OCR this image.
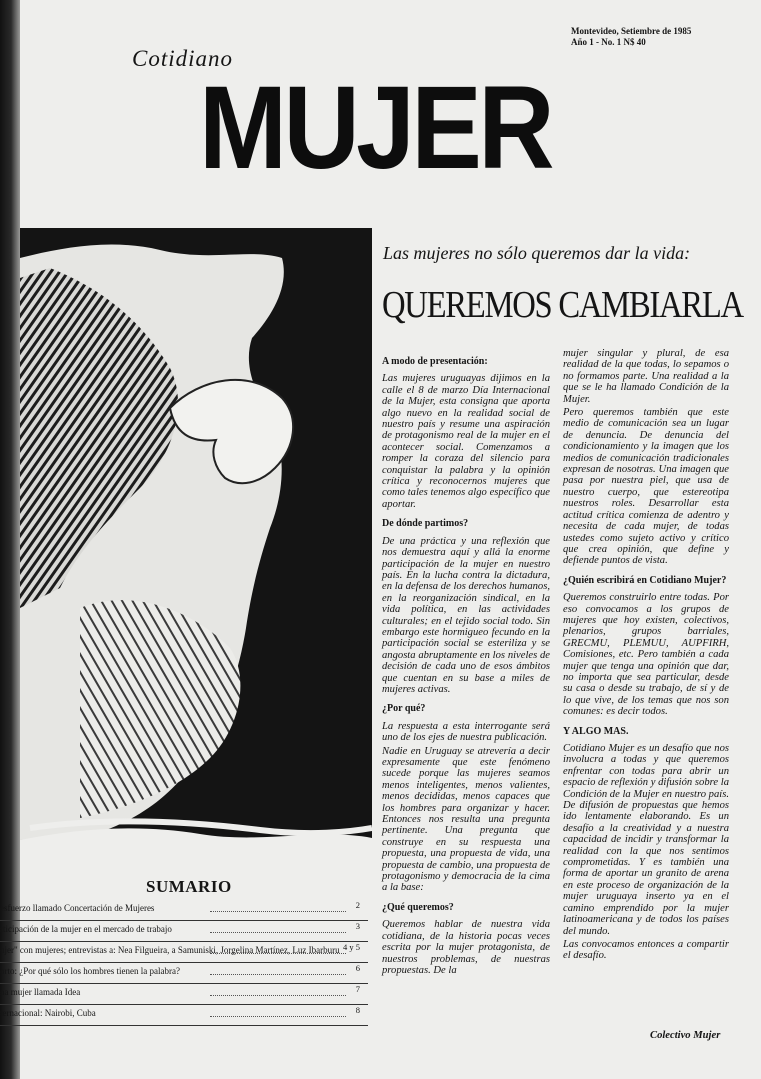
Montevideo, Setiembre de 1985
Año 1 - No. 1 N$ 40
Cotidiano
MUJER
Las mujeres no sólo queremos dar la vida:
QUEREMOS CAMBIARLA

A modo de presentación:

Las mujeres uruguayas dijimos en la calle el 8 de marzo Día Internacional de la Mujer, esta consigna que aporta algo nuevo en la realidad social de nuestro país y resume una aspiración de protagonismo real de la mujer en el acontecer social. Comenzamos a romper la coraza del silencio para conquistar la palabra y la opinión crítica y reconocernos mujeres que como tales tenemos algo específico que aportar.

De dónde partimos?

De una práctica y una reflexión que nos demuestra aquí y allá la enorme participación de la mujer en nuestro país. En la lucha contra la dictadura, en la defensa de los derechos humanos, en la reorganización sindical, en la vida política, en las actividades culturales; en el tejido social todo. Sin embargo este hormigueo fecundo en la participación social se esteriliza y se angosta abruptamente en los niveles de decisión de cada uno de esos ámbitos que cuentan en su base a miles de mujeres activas.

¿Por qué?

La respuesta a esta interrogante será uno de los ejes de nuestra publicación.

Nadie en Uruguay se atrevería a decir expresamente que este fenómeno sucede porque las mujeres seamos menos inteligentes, menos valientes, menos decididas, menos capaces que los hombres para organizar y hacer. Entonces nos resulta una pregunta pertinente. Una pregunta que construye en su respuesta una propuesta, una propuesta de vida, una propuesta de cambio, una propuesta de protagonismo y democracia de la cima a la base:

¿Qué queremos?

Queremos hablar de nuestra vida cotidiana, de la historia pocas veces escrita por la mujer protagonista, de nuestros problemas, de nuestras propuestas. De la

mujer singular y plural, de esa realidad de la que todas, lo sepamos o no formamos parte. Una realidad a la que se le ha llamado Condición de la Mujer.

Pero queremos también que este medio de comunicación sea un lugar de denuncia. De denuncia del condicionamiento y la imagen que los medios de comunicación tradicionales expresan de nosotras. Una imagen que pasa por nuestra piel, que usa de nuestro cuerpo, que estereotipa nuestros roles. Desarrollar esta actitud crítica comienza de adentro y necesita de cada mujer, de todas ustedes como sujeto activo y crítico que crea opinión, que define y defiende puntos de vista.

¿Quién escribirá en Cotidiano Mujer?

Queremos construirlo entre todas. Por eso convocamos a los grupos de mujeres que hoy existen, colectivos, plenarios, grupos barriales, GRECMU, PLEMUU, AUPFIRH, Comisiones, etc. Pero también a cada mujer que tenga una opinión que dar, no importa que sea particular, desde su casa o desde su trabajo, de sí y de lo que vive, de los temas que nos son comunes: es decir todos.

Y ALGO MAS.

Cotidiano Mujer es un desafío que nos involucra a todas y que queremos enfrentar con todas para abrir un espacio de reflexión y difusión sobre la Condición de la Mujer en nuestro país. De difusión de propuestas que hemos ido lentamente elaborando. Es un desafío a la creatividad y a nuestra capacidad de incidir y transformar la realidad con la que nos sentimos comprometidas. Y es también una forma de aportar un granito de arena en este proceso de organización de la mujer uruguaya inserto ya en el camino emprendido por la mujer latinoamericana y de todos los países del mundo.

Las convocamos entonces a compartir el desafío.

Colectivo Mujer
SUMARIO
esfuerzo llamado Concertación de Mujeres	2
rticipación de la mujer en el mercado de trabajo	3
ujer" con mujeres; entrevistas a: Nea Filgueira, a Samuniski, Jorgelina Martínez, Luz Ibarburu 4 y 5
orto: ¿Por qué sólo los hombres tienen la palabra?	6
na mujer llamada Idea	7
ternacional: Nairobi, Cuba	8
